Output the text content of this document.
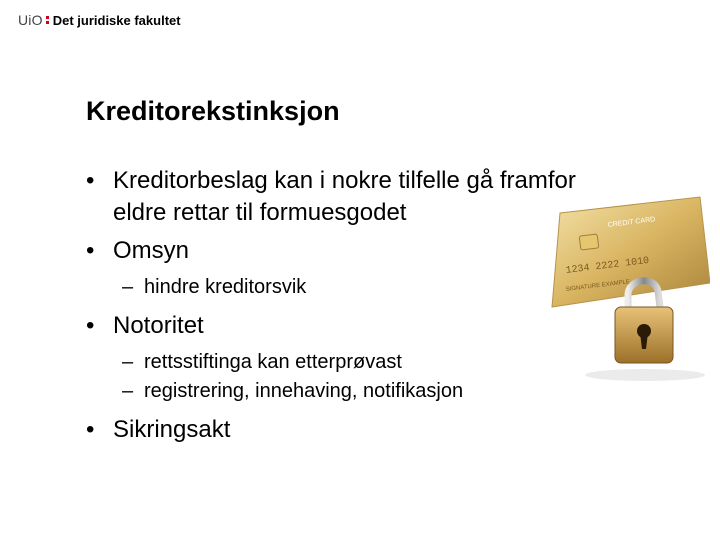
UiO Det juridiske fakultet
Kreditorekstinksjon
• Kreditorbeslag kan i nokre tilfelle gå framfor
eldre rettar til formuesgodet
• Omsyn
– hindre kreditorsvik
• Notoritet
– rettsstiftinga kan etterprøvast
– registrering, innehaving, notifikasjon
• Sikringsakt
CREDIT CARD
1234 2222 1010
SIGNATURE EXAMPLE
